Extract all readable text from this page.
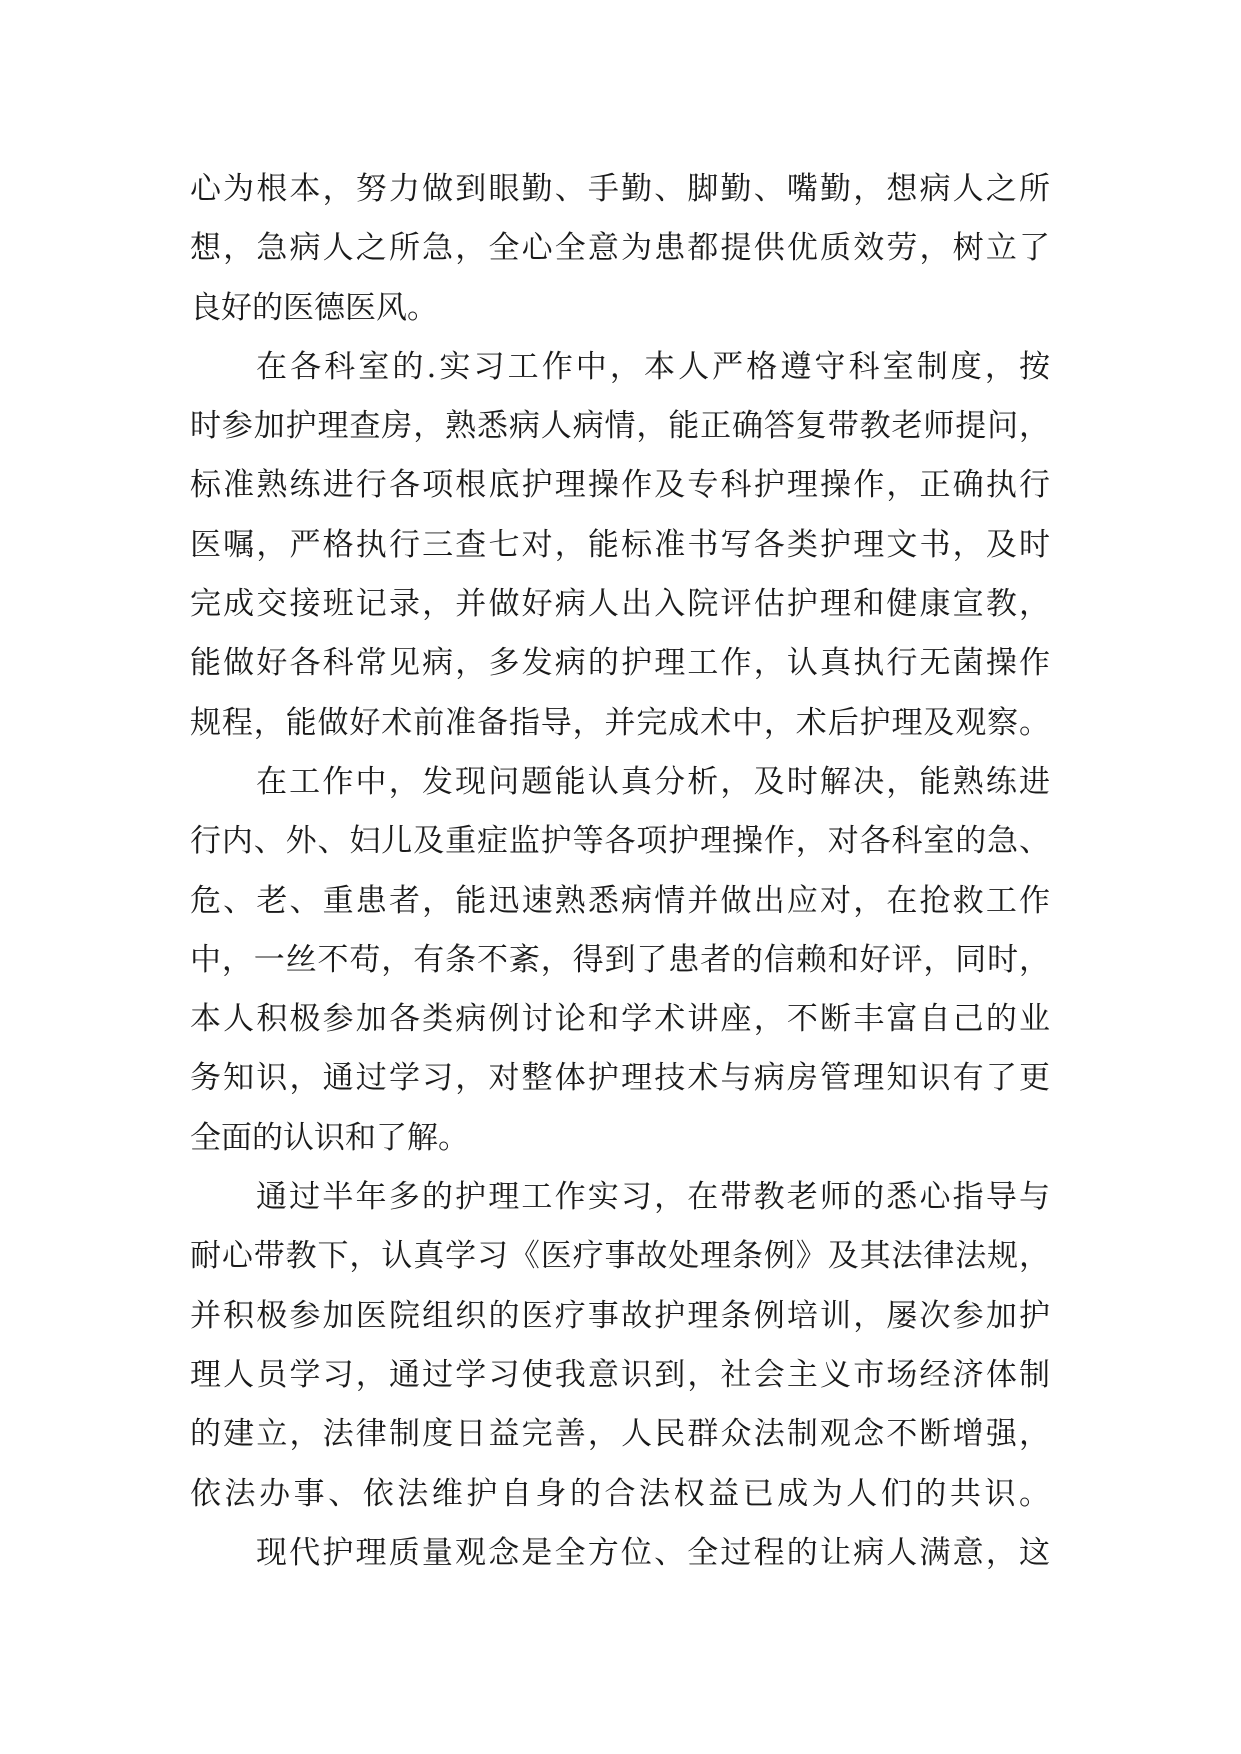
心为根本，努力做到眼勤、手勤、脚勤、嘴勤，想病人之所
想，急病人之所急，全心全意为患都提供优质效劳，树立了
良好的医德医风。
在各科室的.实习工作中，本人严格遵守科室制度，按
时参加护理查房，熟悉病人病情，能正确答复带教老师提问，
标准熟练进行各项根底护理操作及专科护理操作，正确执行
医嘱，严格执行三查七对，能标准书写各类护理文书，及时
完成交接班记录，并做好病人出入院评估护理和健康宣教，
能做好各科常见病，多发病的护理工作，认真执行无菌操作
规程，能做好术前准备指导，并完成术中，术后护理及观察。
在工作中，发现问题能认真分析，及时解决，能熟练进
行内、外、妇儿及重症监护等各项护理操作，对各科室的急、
危、老、重患者，能迅速熟悉病情并做出应对，在抢救工作
中，一丝不苟，有条不紊，得到了患者的信赖和好评，同时，
本人积极参加各类病例讨论和学术讲座，不断丰富自己的业
务知识，通过学习，对整体护理技术与病房管理知识有了更
全面的认识和了解。
通过半年多的护理工作实习，在带教老师的悉心指导与
耐心带教下，认真学习《医疗事故处理条例》及其法律法规，
并积极参加医院组织的医疗事故护理条例培训，屡次参加护
理人员学习，通过学习使我意识到，社会主义市场经济体制
的建立，法律制度日益完善，人民群众法制观念不断增强，
依法办事、依法维护自身的合法权益已成为人们的共识。
现代护理质量观念是全方位、全过程的让病人满意，这
